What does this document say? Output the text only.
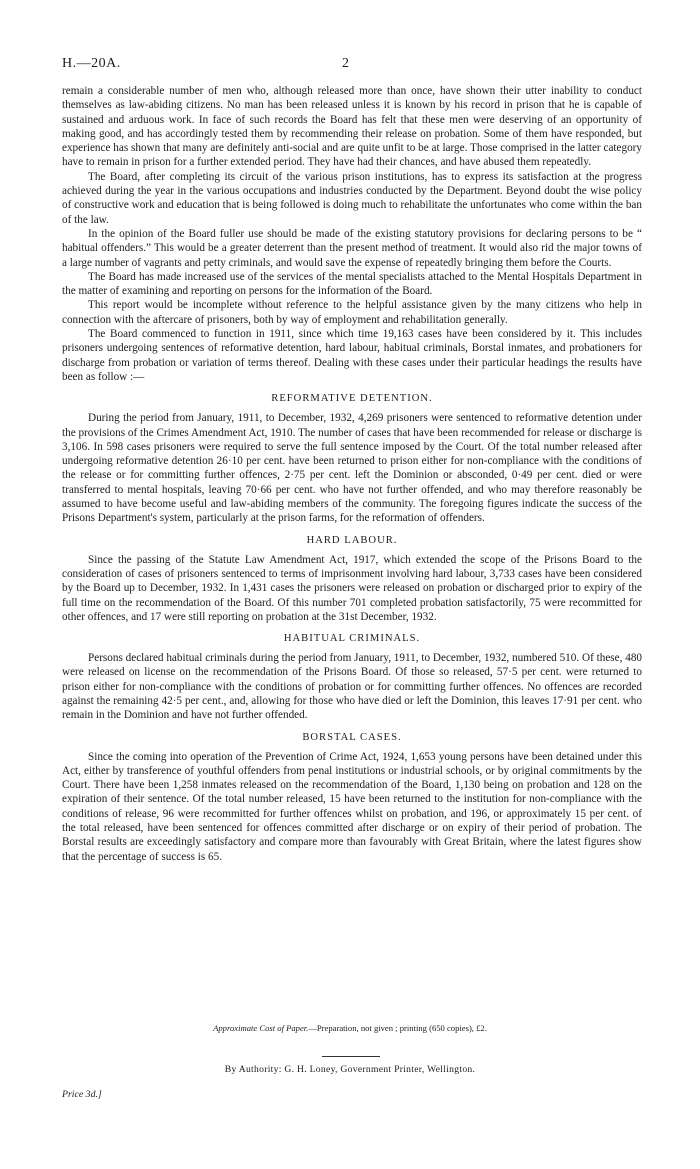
H.—20A.	2

remain a considerable number of men who, although released more than once, have shown their utter inability to conduct themselves as law-abiding citizens. No man has been released unless it is known by his record in prison that he is capable of sustained and arduous work. In face of such records the Board has felt that these men were deserving of an opportunity of making good, and has accordingly tested them by recommending their release on probation. Some of them have responded, but experience has shown that many are definitely anti-social and are quite unfit to be at large. Those comprised in the latter category have to remain in prison for a further extended period. They have had their chances, and have abused them repeatedly.

The Board, after completing its circuit of the various prison institutions, has to express its satisfaction at the progress achieved during the year in the various occupations and industries conducted by the Department. Beyond doubt the wise policy of constructive work and education that is being followed is doing much to rehabilitate the unfortunates who come within the ban of the law.

In the opinion of the Board fuller use should be made of the existing statutory provisions for declaring persons to be “ habitual offenders.” This would be a greater deterrent than the present method of treatment. It would also rid the major towns of a large number of vagrants and petty criminals, and would save the expense of repeatedly bringing them before the Courts.

The Board has made increased use of the services of the mental specialists attached to the Mental Hospitals Department in the matter of examining and reporting on persons for the information of the Board.

This report would be incomplete without reference to the helpful assistance given by the many citizens who help in connection with the aftercare of prisoners, both by way of employment and rehabilitation generally.

The Board commenced to function in 1911, since which time 19,163 cases have been considered by it. This includes prisoners undergoing sentences of reformative detention, hard labour, habitual criminals, Borstal inmates, and probationers for discharge from probation or variation of terms thereof. Dealing with these cases under their particular headings the results have been as follow :—

REFORMATIVE DETENTION.

During the period from January, 1911, to December, 1932, 4,269 prisoners were sentenced to reformative detention under the provisions of the Crimes Amendment Act, 1910. The number of cases that have been recommended for release or discharge is 3,106. In 598 cases prisoners were required to serve the full sentence imposed by the Court. Of the total number released after undergoing reformative detention 26·10 per cent. have been returned to prison either for non-compliance with the conditions of the release or for committing further offences, 2·75 per cent. left the Dominion or absconded, 0·49 per cent. died or were transferred to mental hospitals, leaving 70·66 per cent. who have not further offended, and who may therefore reasonably be assumed to have become useful and law-abiding members of the community. The foregoing figures indicate the success of the Prisons Department's system, particularly at the prison farms, for the reformation of offenders.

HARD LABOUR.

Since the passing of the Statute Law Amendment Act, 1917, which extended the scope of the Prisons Board to the consideration of cases of prisoners sentenced to terms of imprisonment involving hard labour, 3,733 cases have been considered by the Board up to December, 1932. In 1,431 cases the prisoners were released on probation or discharged prior to expiry of the full time on the recommendation of the Board. Of this number 701 completed probation satisfactorily, 75 were recommitted for other offences, and 17 were still reporting on probation at the 31st December, 1932.

HABITUAL CRIMINALS.

Persons declared habitual criminals during the period from January, 1911, to December, 1932, numbered 510. Of these, 480 were released on license on the recommendation of the Prisons Board. Of those so released, 57·5 per cent. were returned to prison either for non-compliance with the conditions of probation or for committing further offences. No offences are recorded against the remaining 42·5 per cent., and, allowing for those who have died or left the Dominion, this leaves 17·91 per cent. who remain in the Dominion and have not further offended.

BORSTAL CASES.

Since the coming into operation of the Prevention of Crime Act, 1924, 1,653 young persons have been detained under this Act, either by transference of youthful offenders from penal institutions or industrial schools, or by original commitments by the Court. There have been 1,258 inmates released on the recommendation of the Board, 1,130 being on probation and 128 on the expiration of their sentence. Of the total number released, 15 have been returned to the institution for non-compliance with the conditions of release, 96 were recommitted for further offences whilst on probation, and 196, or approximately 15 per cent. of the total released, have been sentenced for offences committed after discharge or on expiry of their period of probation. The Borstal results are exceedingly satisfactory and compare more than favourably with Great Britain, where the latest figures show that the percentage of success is 65.

Approximate Cost of Paper.—Preparation, not given ; printing (650 copies), £2.
By Authority: G. H. Loney, Government Printer, Wellington.
Price 3d.]
